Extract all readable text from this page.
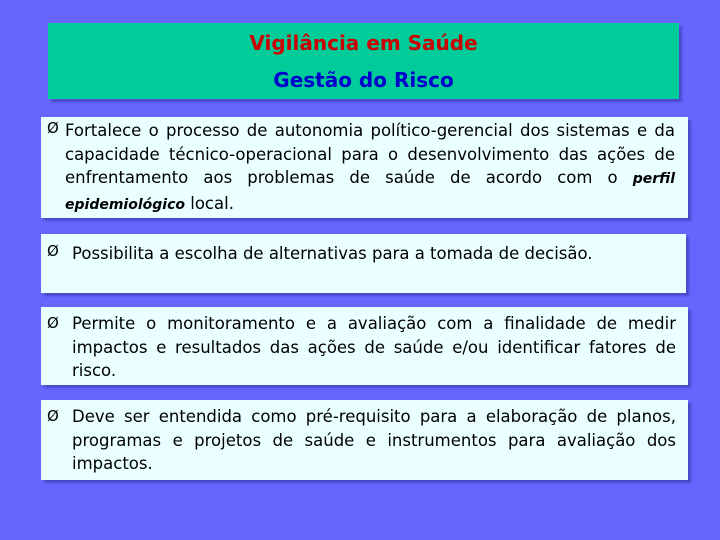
Vigilância em Saúde
Gestão do Risco
Ø Fortalece o processo de autonomia político-gerencial dos sistemas e da capacidade técnico-operacional para o desenvolvimento das ações de enfrentamento aos problemas de saúde de acordo com o perfil epidemiológico local.
Ø Possibilita a escolha de alternativas para a tomada de decisão.
Ø Permite o monitoramento e a avaliação com a finalidade de medir impactos e resultados das ações de saúde e/ou identificar fatores de risco.
Ø Deve ser entendida como pré-requisito para a elaboração de planos, programas e projetos de saúde e instrumentos para avaliação dos impactos.
